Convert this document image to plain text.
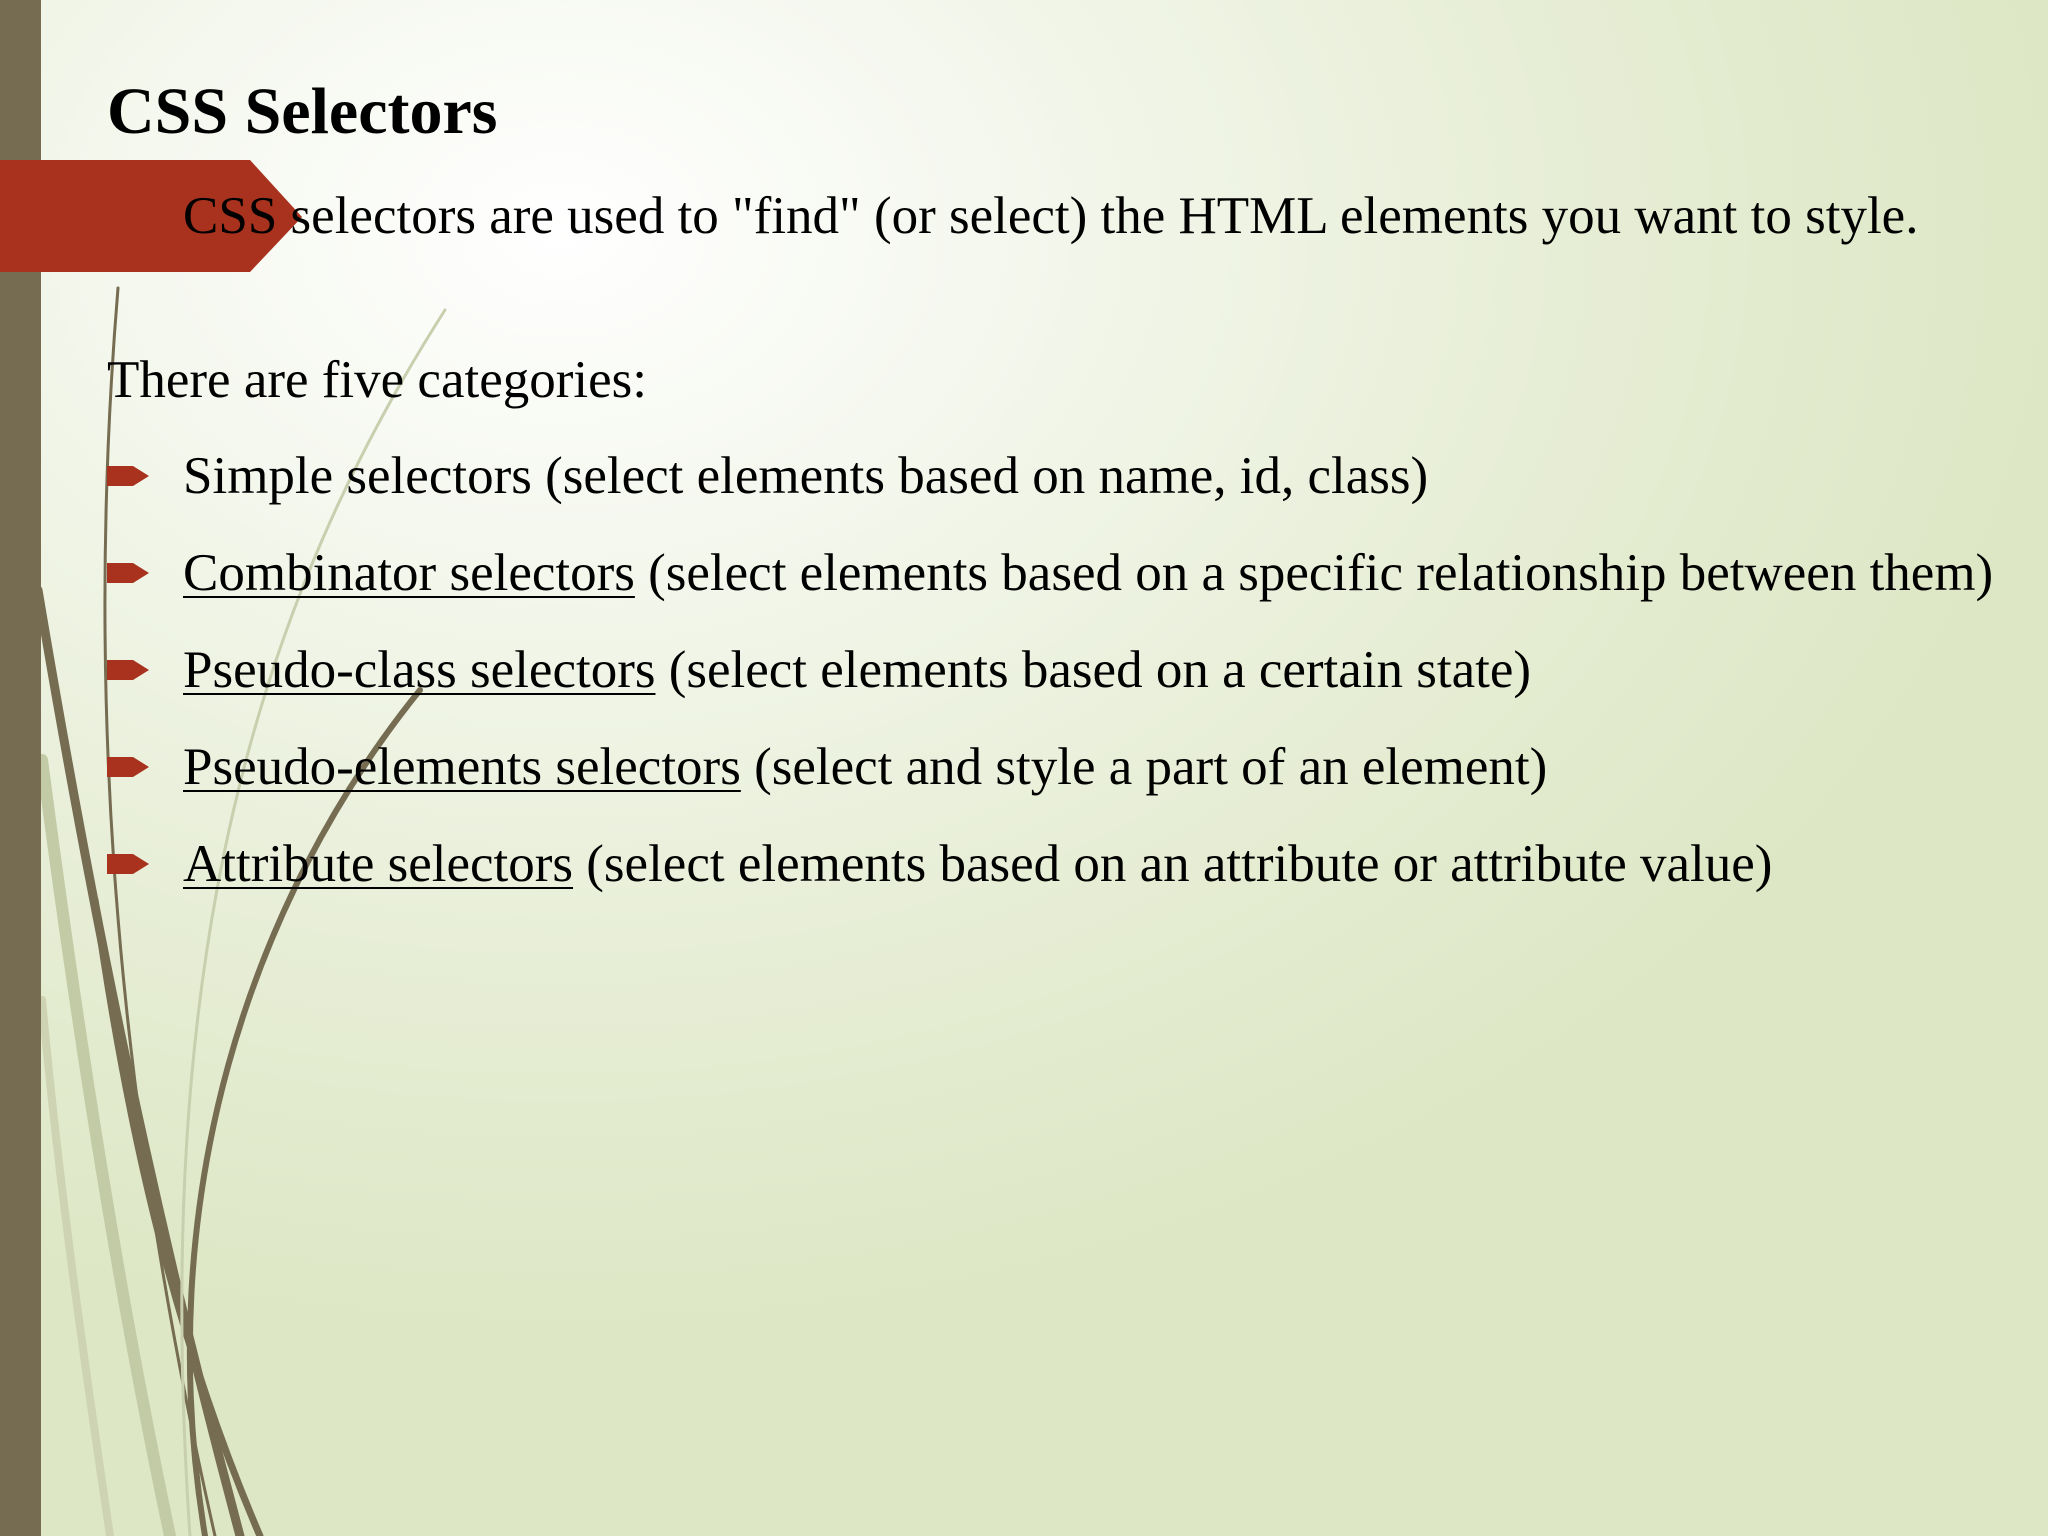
CSS Selectors

CSS selectors are used to "find" (or select) the HTML elements you want to style.

There are five categories:

Simple selectors (select elements based on name, id, class)
Combinator selectors (select elements based on a specific relationship between them)
Pseudo-class selectors (select elements based on a certain state)
Pseudo-elements selectors (select and style a part of an element)
Attribute selectors (select elements based on an attribute or attribute value)
